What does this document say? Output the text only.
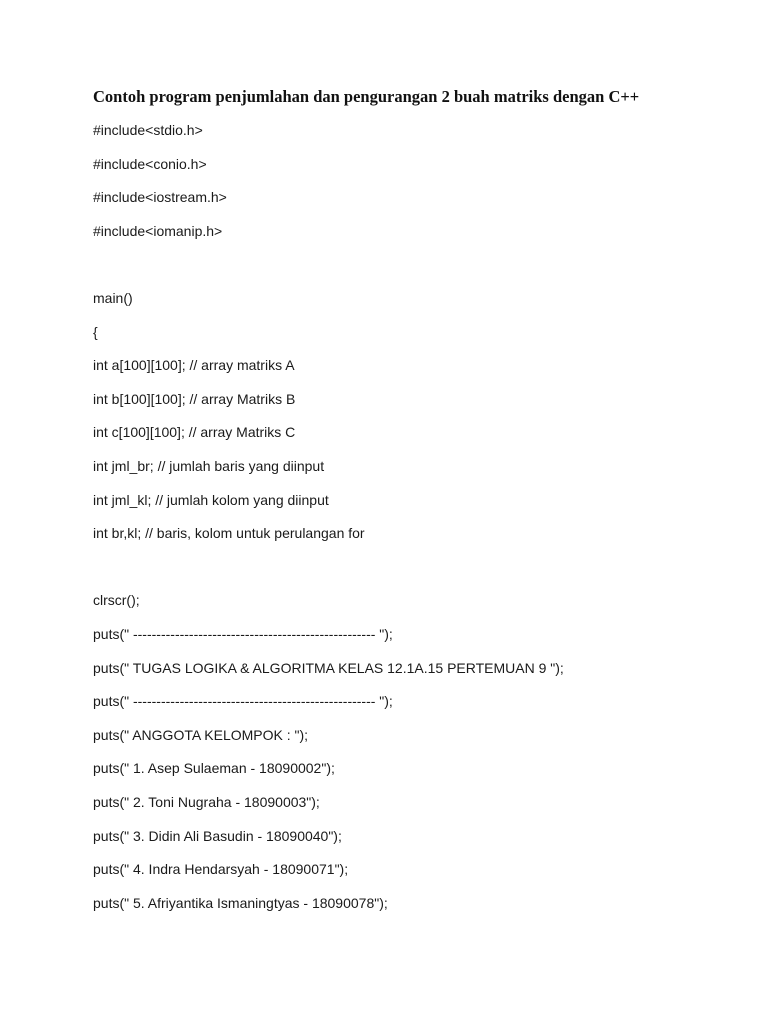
Contoh program penjumlahan dan pengurangan 2 buah matriks dengan C++

#include<stdio.h>

#include<conio.h>

#include<iostream.h>

#include<iomanip.h>

main()

{

int a[100][100]; // array matriks A

int b[100][100]; // array Matriks B

int c[100][100]; // array Matriks C

int jml_br; // jumlah baris yang diinput

int jml_kl; // jumlah kolom yang diinput

int br,kl; // baris, kolom untuk perulangan for

clrscr();

puts(" ---------------------------------------------------- ");

puts(" TUGAS LOGIKA & ALGORITMA KELAS 12.1A.15 PERTEMUAN 9 ");

puts(" ---------------------------------------------------- ");

puts(" ANGGOTA KELOMPOK : ");

puts(" 1. Asep Sulaeman - 18090002");

puts(" 2. Toni Nugraha - 18090003");

puts(" 3. Didin Ali Basudin - 18090040");

puts(" 4. Indra Hendarsyah - 18090071");

puts(" 5. Afriyantika Ismaningtyas - 18090078");
